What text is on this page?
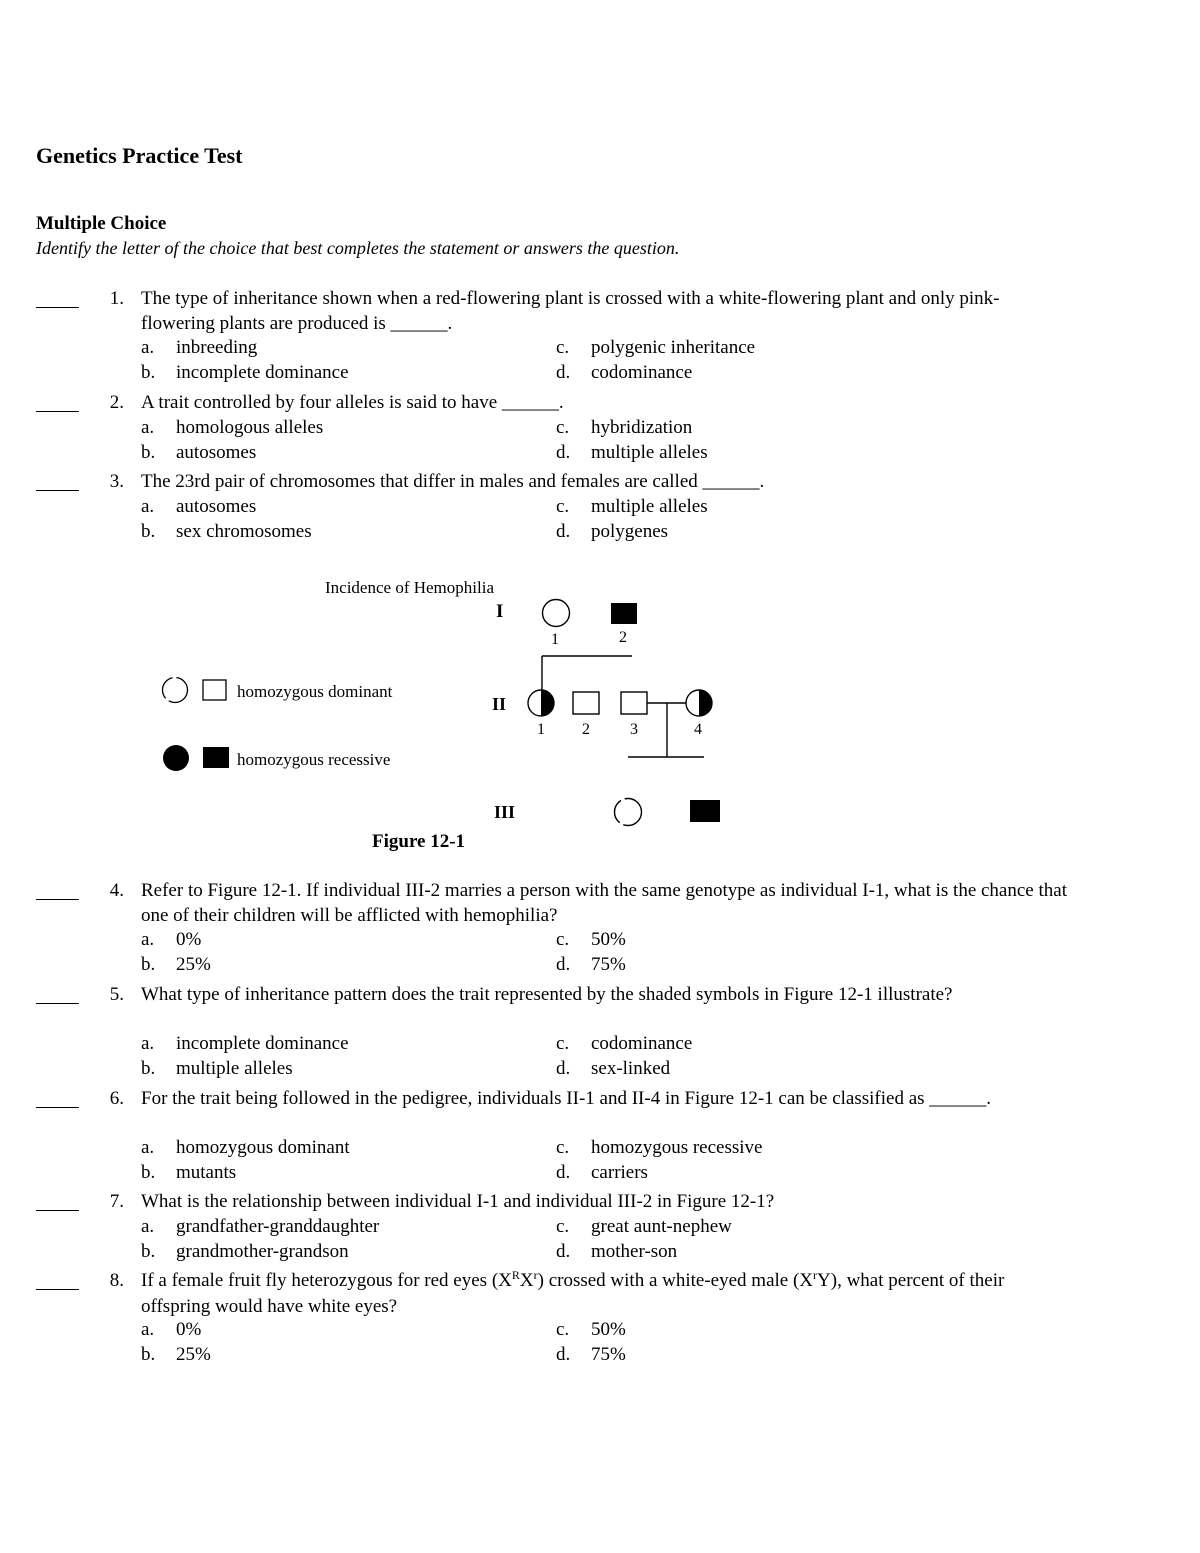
Genetics Practice Test
Multiple Choice
Identify the letter of the choice that best completes the statement or answers the question.
1. The type of inheritance shown when a red-flowering plant is crossed with a white-flowering plant and only pink-flowering plants are produced is ______.
a. inbreeding
b. incomplete dominance
c. polygenic inheritance
d. codominance
2. A trait controlled by four alleles is said to have ______.
a. homologous alleles
b. autosomes
c. hybridization
d. multiple alleles
3. The 23rd pair of chromosomes that differ in males and females are called ______.
a. autosomes
b. sex chromosomes
c. multiple alleles
d. polygenes
Incidence of Hemophilia
I
II
III
1	2
1 2	3	4
homozygous dominant
homozygous recessive
Figure 12-1
4. Refer to Figure 12-1. If individual III-2 marries a person with the same genotype as individual I-1, what is the chance that one of their children will be afflicted with hemophilia?
a. 0%
b. 25%
c. 50%
d. 75%
5. What type of inheritance pattern does the trait represented by the shaded symbols in Figure 12-1 illustrate?
a. incomplete dominance
b. multiple alleles
c. codominance
d. sex-linked
6. For the trait being followed in the pedigree, individuals II-1 and II-4 in Figure 12-1 can be classified as ______.
a. homozygous dominant
b. mutants
c. homozygous recessive
d. carriers
7. What is the relationship between individual I-1 and individual III-2 in Figure 12-1?
a. grandfather-granddaughter
b. grandmother-grandson
c. great aunt-nephew
d. mother-son
8. If a female fruit fly heterozygous for red eyes $(X^RX^r)$ crossed with a white-eyed male $(X^rY)$, what percent of their offspring would have white eyes?
a. 0%
b. 25%
c. 50%
d. 75%
